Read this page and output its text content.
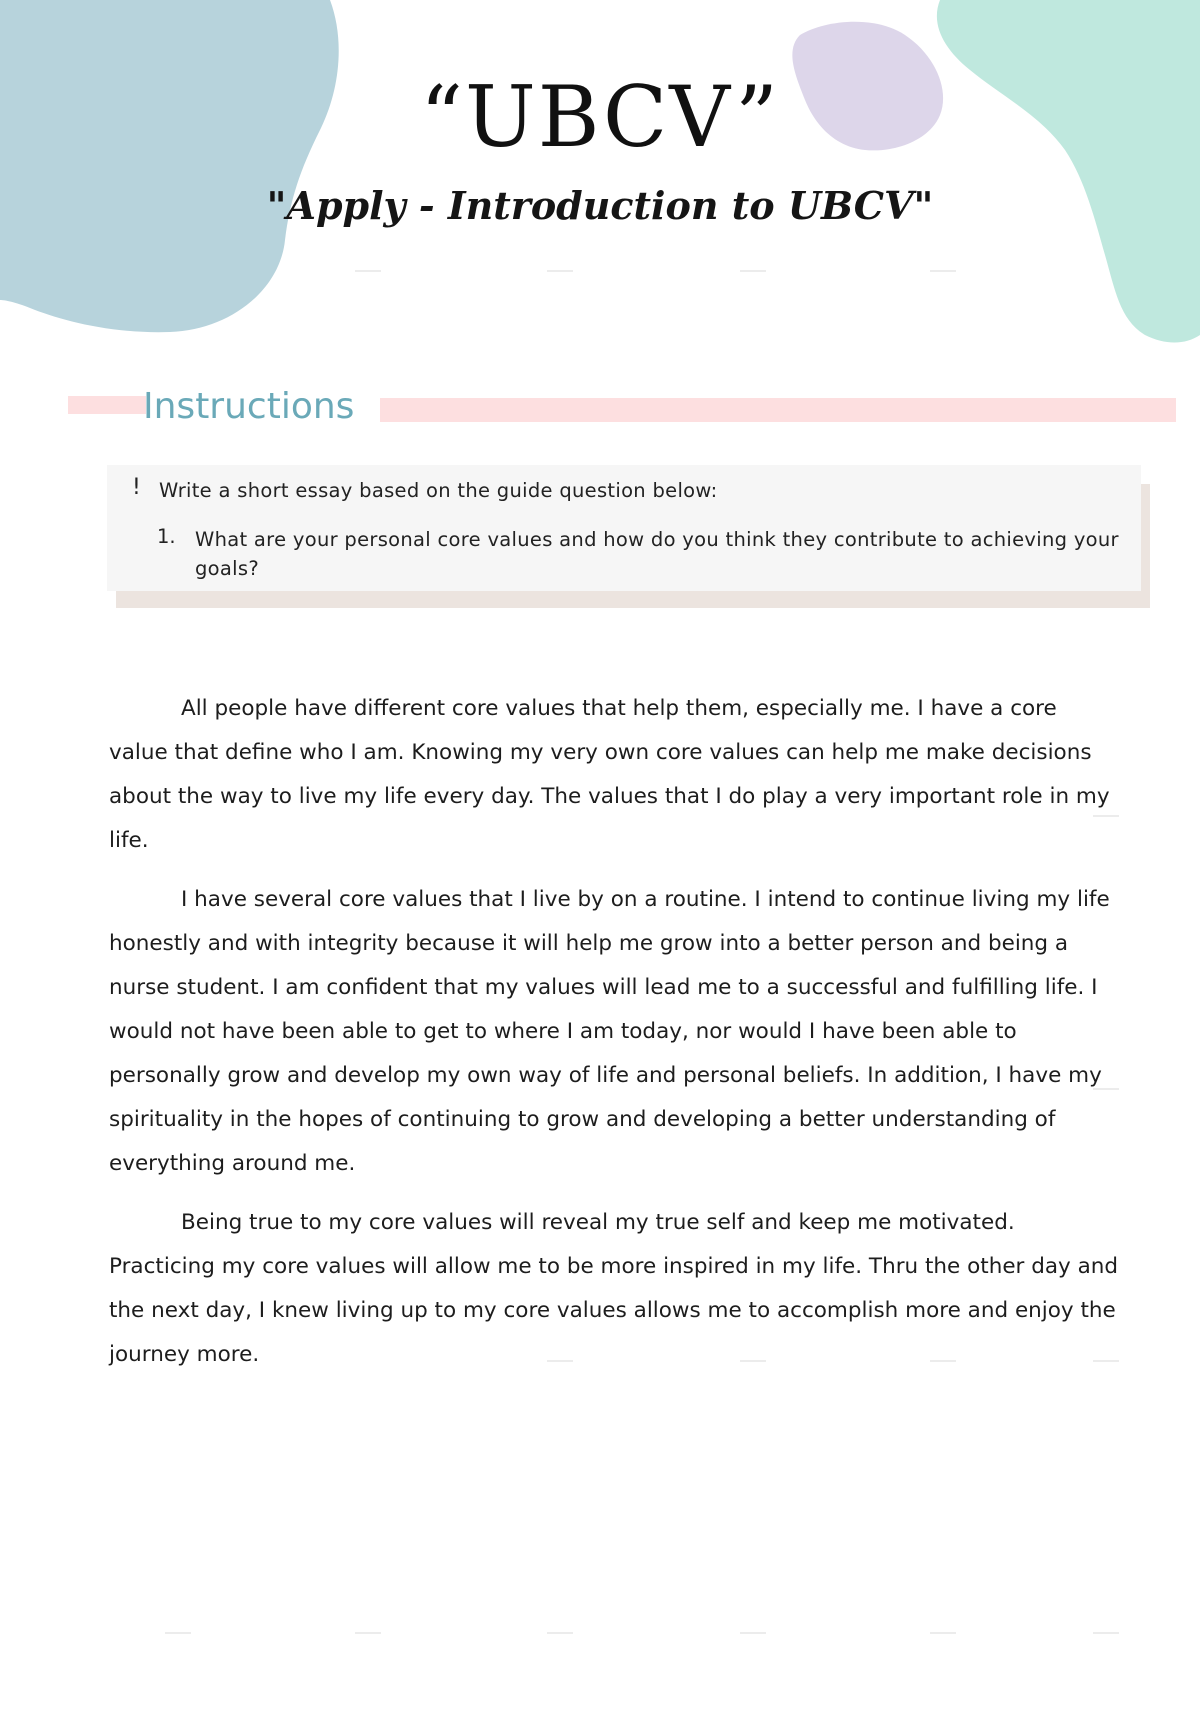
“UBCV”
"Apply - Introduction to UBCV"
Instructions
! Write a short essay based on the guide question below:
1. What are your personal core values and how do you think they contribute to achieving your goals?

All people have different core values that help them, especially me. I have a core value that define who I am. Knowing my very own core values can help me make decisions about the way to live my life every day. The values that I do play a very important role in my life.

I have several core values that I live by on a routine. I intend to continue living my life honestly and with integrity because it will help me grow into a better person and being a nurse student. I am confident that my values will lead me to a successful and fulfilling life. I would not have been able to get to where I am today, nor would I have been able to personally grow and develop my own way of life and personal beliefs. In addition, I have my spirituality in the hopes of continuing to grow and developing a better understanding of everything around me.

Being true to my core values will reveal my true self and keep me motivated. Practicing my core values will allow me to be more inspired in my life. Thru the other day and the next day, I knew living up to my core values allows me to accomplish more and enjoy the journey more.
